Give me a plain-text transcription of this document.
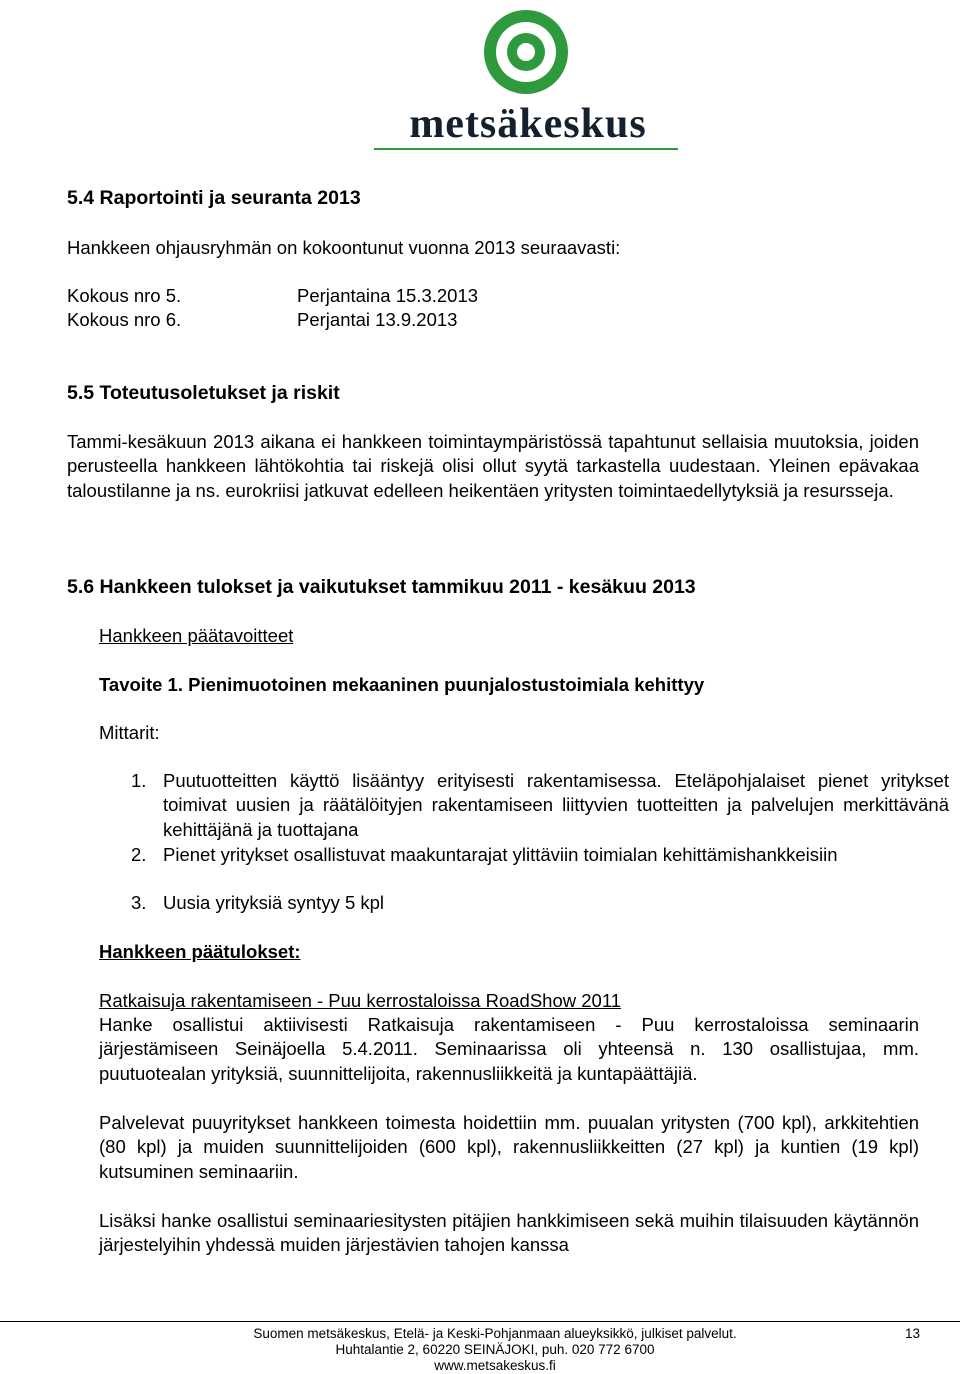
metsäkeskus
5.4 Raportointi ja seuranta 2013
Hankkeen ohjausryhmän on kokoontunut vuonna 2013 seuraavasti:
Kokous nro 5.	Perjantaina 15.3.2013
Kokous nro 6.	Perjantai 13.9.2013
5.5 Toteutusoletukset ja riskit
Tammi-kesäkuun 2013 aikana ei hankkeen toimintaympäristössä tapahtunut sellaisia muutoksia, joiden perusteella hankkeen lähtökohtia tai riskejä olisi ollut syytä tarkastella uudestaan. Yleinen epävakaa taloustilanne ja ns. eurokriisi jatkuvat edelleen heikentäen yritysten toimintaedellytyksiä ja resursseja.
5.6 Hankkeen tulokset ja vaikutukset tammikuu 2011 - kesäkuu 2013
Hankkeen päätavoitteet
Tavoite 1. Pienimuotoinen mekaaninen puunjalostustoimiala kehittyy
Mittarit:
1. Puutuotteitten käyttö lisääntyy erityisesti rakentamisessa. Eteläpohjalaiset pienet yritykset toimivat uusien ja räätälöityjen rakentamiseen liittyvien tuotteitten ja palvelujen merkittävänä kehittäjänä ja tuottajana
2. Pienet yritykset osallistuvat maakuntarajat ylittäviin toimialan kehittämishankkeisiin
3. Uusia yrityksiä syntyy 5 kpl
Hankkeen päätulokset:
Ratkaisuja rakentamiseen - Puu kerrostaloissa RoadShow 2011
Hanke osallistui aktiivisesti Ratkaisuja rakentamiseen - Puu kerrostaloissa seminaarin järjestämiseen Seinäjoella 5.4.2011. Seminaarissa oli yhteensä n. 130 osallistujaa, mm. puutuotealan yrityksiä, suunnittelijoita, rakennusliikkeitä ja kuntapäättäjiä.
Palvelevat puuyritykset hankkeen toimesta hoidettiin mm. puualan yritysten (700 kpl), arkkitehtien (80 kpl) ja muiden suunnittelijoiden (600 kpl), rakennusliikkeitten (27 kpl) ja kuntien (19 kpl) kutsuminen seminaariin.
Lisäksi hanke osallistui seminaariesitysten pitäjien hankkimiseen sekä muihin tilaisuuden käytännön järjestelyihin yhdessä muiden järjestävien tahojen kanssa
Suomen metsäkeskus, Etelä- ja Keski-Pohjanmaan alueyksikkö, julkiset palvelut.
Huhtalantie 2, 60220 SEINÄJOKI, puh. 020 772 6700
www.metsakeskus.fi
13
